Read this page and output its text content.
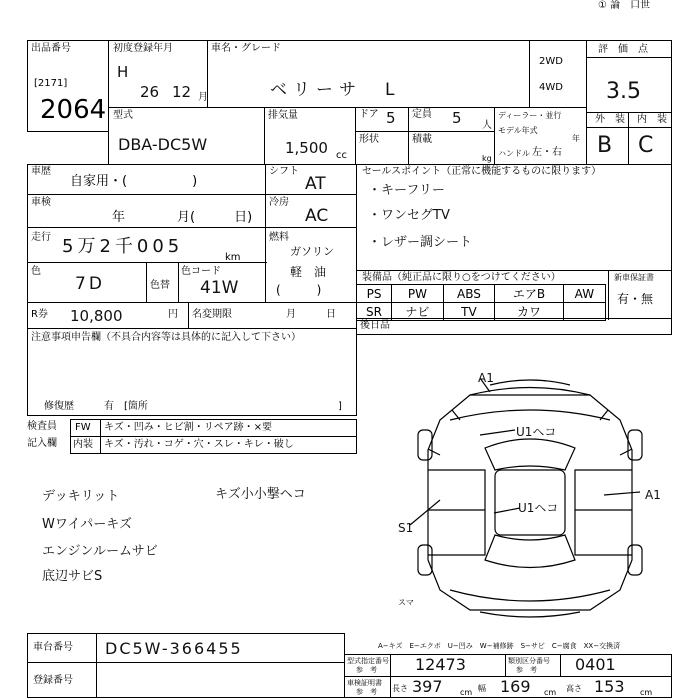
① 論　口世
出品番号
[2171]
2064
初度登録年月
H
26 12 月
車名・グレード
ベリーサ　L
2WD
4WD
評　価　点
3.5
外　装 内　装
B C
型式
DBA-DC5W
排気量
1,500 cc
ドア 5 定員 5 人
形状	積載
kg
ディーラー・並行
モデル年式
年
ハンドル 左・右
車歴
自家用・(　　　　　)
シフト
AT
車検
年　　　　月(　　　日)
冷房
AC
走行 5万2千005
km
燃料
ガソリン
軽　油
(　　　)
色
7D	色替
色コード
41W
R券 10,800	円 名変期限	月　　　日
セールスポイント（正常に機能するものに限ります）
・キーフリー
・ワンセグTV
・レザー調シート
装備品（純正品に限り○をつけてください）
PS	PW	ABS	エアB	AW
SR	ナビ	TV	カワ	
新車保証書
有・無
後日品
注意事項申告欄（不具合内容等は具体的に記入して下さい）
修復歴　　　有　[箇所	]
検査員
記入欄
FW キズ・凹み・ヒビ割・リペア跡・×要
内装 キズ・汚れ・コゲ・穴・スレ・キレ・破し
デッキリット
Wワイパーキズ
エンジンルームサビ
底辺サビS
キズ小小撃ヘコ
A1
U1ヘコ
U1ヘコ
A1
S1
スマ
A−キズ　E−エクボ　U−凹み　W−補修跡　S−サビ　C−腐食　XX−交換済
車台番号 DC5W-366455
登録番号
型式指定番号
参　考 12473	類別区分番号
参　考 0401
車検証明書
参　考 長さ 397 cm 幅 169 cm 高さ 153 cm
